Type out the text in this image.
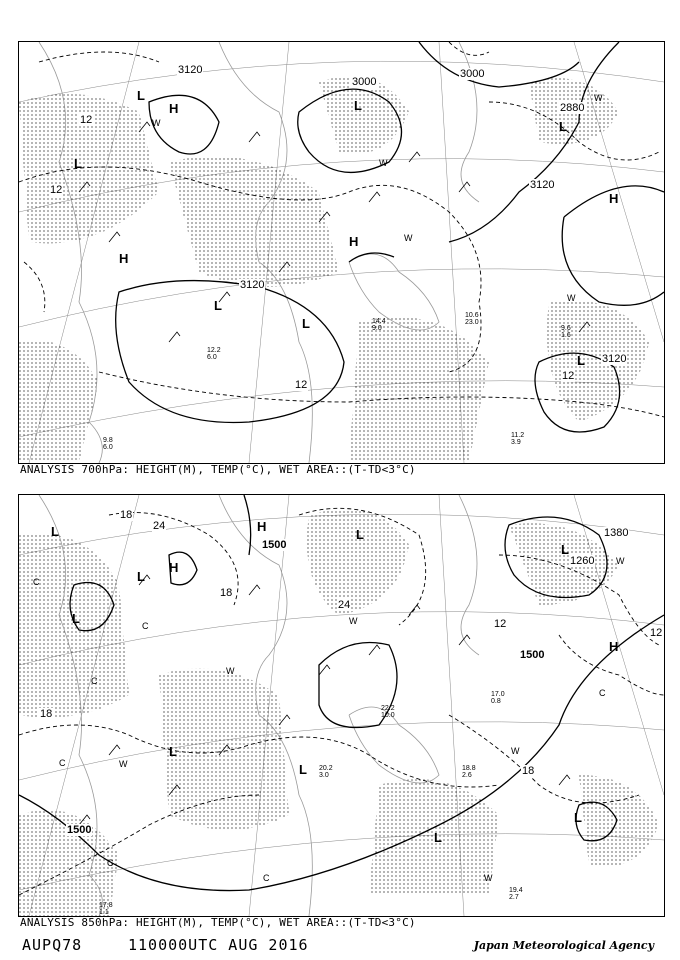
3120
3000
3000
2880
3120
3120
3120
12
12
12
12
L
H
L
L
H
L
L
L
H
L
H
W
W
W
W
W
9.6
1.6
10.6
23.0
11.2
3.9
14.4
9.0
12.2
6.0
9.8
6.0
ANALYSIS 700hPa: HEIGHT(M), TEMP(°C), WET AREA::(T-TD<3°C)
1500
1500
1500
1380
1260
18
24
24
12
12
18
18
18
L	H
L
H
L
L
L
L
H
L
L
L
C
C
C
C
C
C
C
W
W
W
W
W
W
19.4
2.7
18.8
2.6
17.0
0.8
17.8
1.1
20.2
3.0
22.2
10.0
ANALYSIS 850hPa: HEIGHT(M), TEMP(°C), WET AREA::(T-TD<3°C)
AUPQ78	110000UTC AUG 2016	Japan Meteorological Agency
